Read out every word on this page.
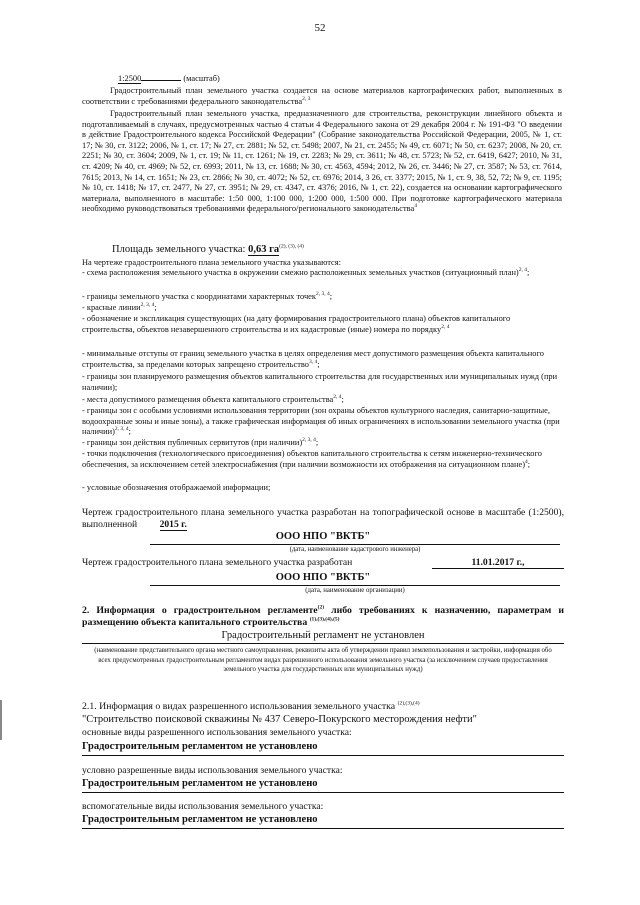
52
1:2500	(масштаб)
Градостроительный план земельного участка создается на основе материалов картографических работ, выполненных в соответствии с требованиями федерального законодательства$^{2, 3}$
Градостроительный план земельного участка, предназначенного для строительства, реконструкции линейного объекта и подготавливаемый в случаях, предусмотренных частью 4 статьи 4 Федерального закона от 29 декабря 2004 г. № 191-ФЗ "О введении в действие Градостроительного кодекса Российской Федерации" (Собрание законодательства Российской Федерации, 2005, № 1, ст. 17; № 30, ст. 3122; 2006, № 1, ст. 17; № 27, ст. 2881; № 52, ст. 5498; 2007, № 21, ст. 2455; № 49, ст. 6071; № 50, ст. 6237; 2008, № 20, ст. 2251; № 30, ст. 3604; 2009, № 1, ст. 19; № 11, ст. 1261; № 19, ст. 2283; № 29, ст. 3611; № 48, ст. 5723; № 52, ст. 6419, 6427; 2010, № 31, ст. 4209; № 40, ст. 4969; № 52, ст. 6993; 2011, № 13, ст. 1688; № 30, ст. 4563, 4594; 2012, № 26, ст. 3446; № 27, ст. 3587; № 53, ст. 7614, 7615; 2013, № 14, ст. 1651; № 23, ст. 2866; № 30, ст. 4072; № 52, ст. 6976; 2014, 3 26, ст. 3377; 2015, № 1, ст. 9, 38, 52, 72; № 9, ст. 1195; № 10, ст. 1418; № 17, ст. 2477, № 27, ст. 3951; № 29, ст. 4347, ст. 4376; 2016, № 1, ст. 22), создается на основании картографического материала, выполненного в масштабе: 1:50 000, 1:100 000, 1:200 000, 1:500 000. При подготовке картографического материала необходимо руководствоваться требованиями федерального/регионального законодательства$^4$
Площадь земельного участка: 0,63 $га^{(2), (3), (4)}$
На чертеже градостроительного плана земельного участка указываются:
- схема расположения земельного участка в окружении смежно расположенных земельных участков (ситуационный план)$^{2, 4}$;
- границы земельного участка с координатами характерных точек$^{2, 3, 4}$;
- красные линии$^{2, 3, 4}$;
- обозначение и экспликация существующих (на дату формирования градостроительного плана) объектов капитального строительства, объектов незавершенного строительства и их кадастровые (иные) номера по порядку$^{2, 4}$
- минимальные отступы от границ земельного участка в целях определения мест допустимого размещения объекта капитального строительства, за пределами которых запрещено строительство$^{3, 4}$;
- границы зон планируемого размещения объектов капитального строительства для государственных или муниципальных нужд (при наличии);
- места допустимого размещения объекта капитального строительства$^{2, 4}$;
- границы зон с особыми условиями использования территории (зон охраны объектов культурного наследия, санитарно-защитные, водоохранные зоны и иные зоны), а также графическая информация об иных ограничениях в использовании земельного участка (при наличии)$^{2, 3, 4}$;
- границы зон действия публичных сервитутов (при наличии)$^{2, 3, 4}$;
- точки подключения (технологического присоединения) объектов капитального строительства к сетям инженерно-технического обеспечения, за исключением сетей электроснабжения (при наличии возможности их отображения на ситуационном плане)$^4$;
- условные обозначения отображаемой информации;
Чертеж градостроительного плана земельного участка разработан на топографической основе в масштабе (1:2500), выполненной 2015 г.
ООО НПО "ВКТБ"
(дата, наименование кадастрового инженера)
Чертеж градостроительного плана земельного участка разработан	11.01.2017 г.,
ООО НПО "ВКТБ"
(дата, наименование организации)
2. Информация о градостроительном регламенте$^{(2)}$ либо требованиях к назначению, параметрам и размещению объекта капитального строительства $^{(1),(3),(4),(5)}$
Градостроительный регламент не установлен
(наименование представительного органа местного самоуправления, реквизиты акта об утверждении правил землепользования и застройки, информация обо всех предусмотренных градостроительным регламентом видах разрешенного использования земельного участка (за исключением случаев предоставления земельного участка для государственных или муниципальных нужд)
2.1. Информация о видах разрешенного использования земельного участка $^{(2),(3),(4)}$
"Строительство поисковой скважины № 437 Северо-Покурского месторождения нефти"
основные виды разрешенного использования земельного участка:
Градостроительным регламентом не установлено
условно разрешенные виды использования земельного участка:
Градостроительным регламентом не установлено
вспомогательные виды использования земельного участка:
Градостроительным регламентом не установлено
